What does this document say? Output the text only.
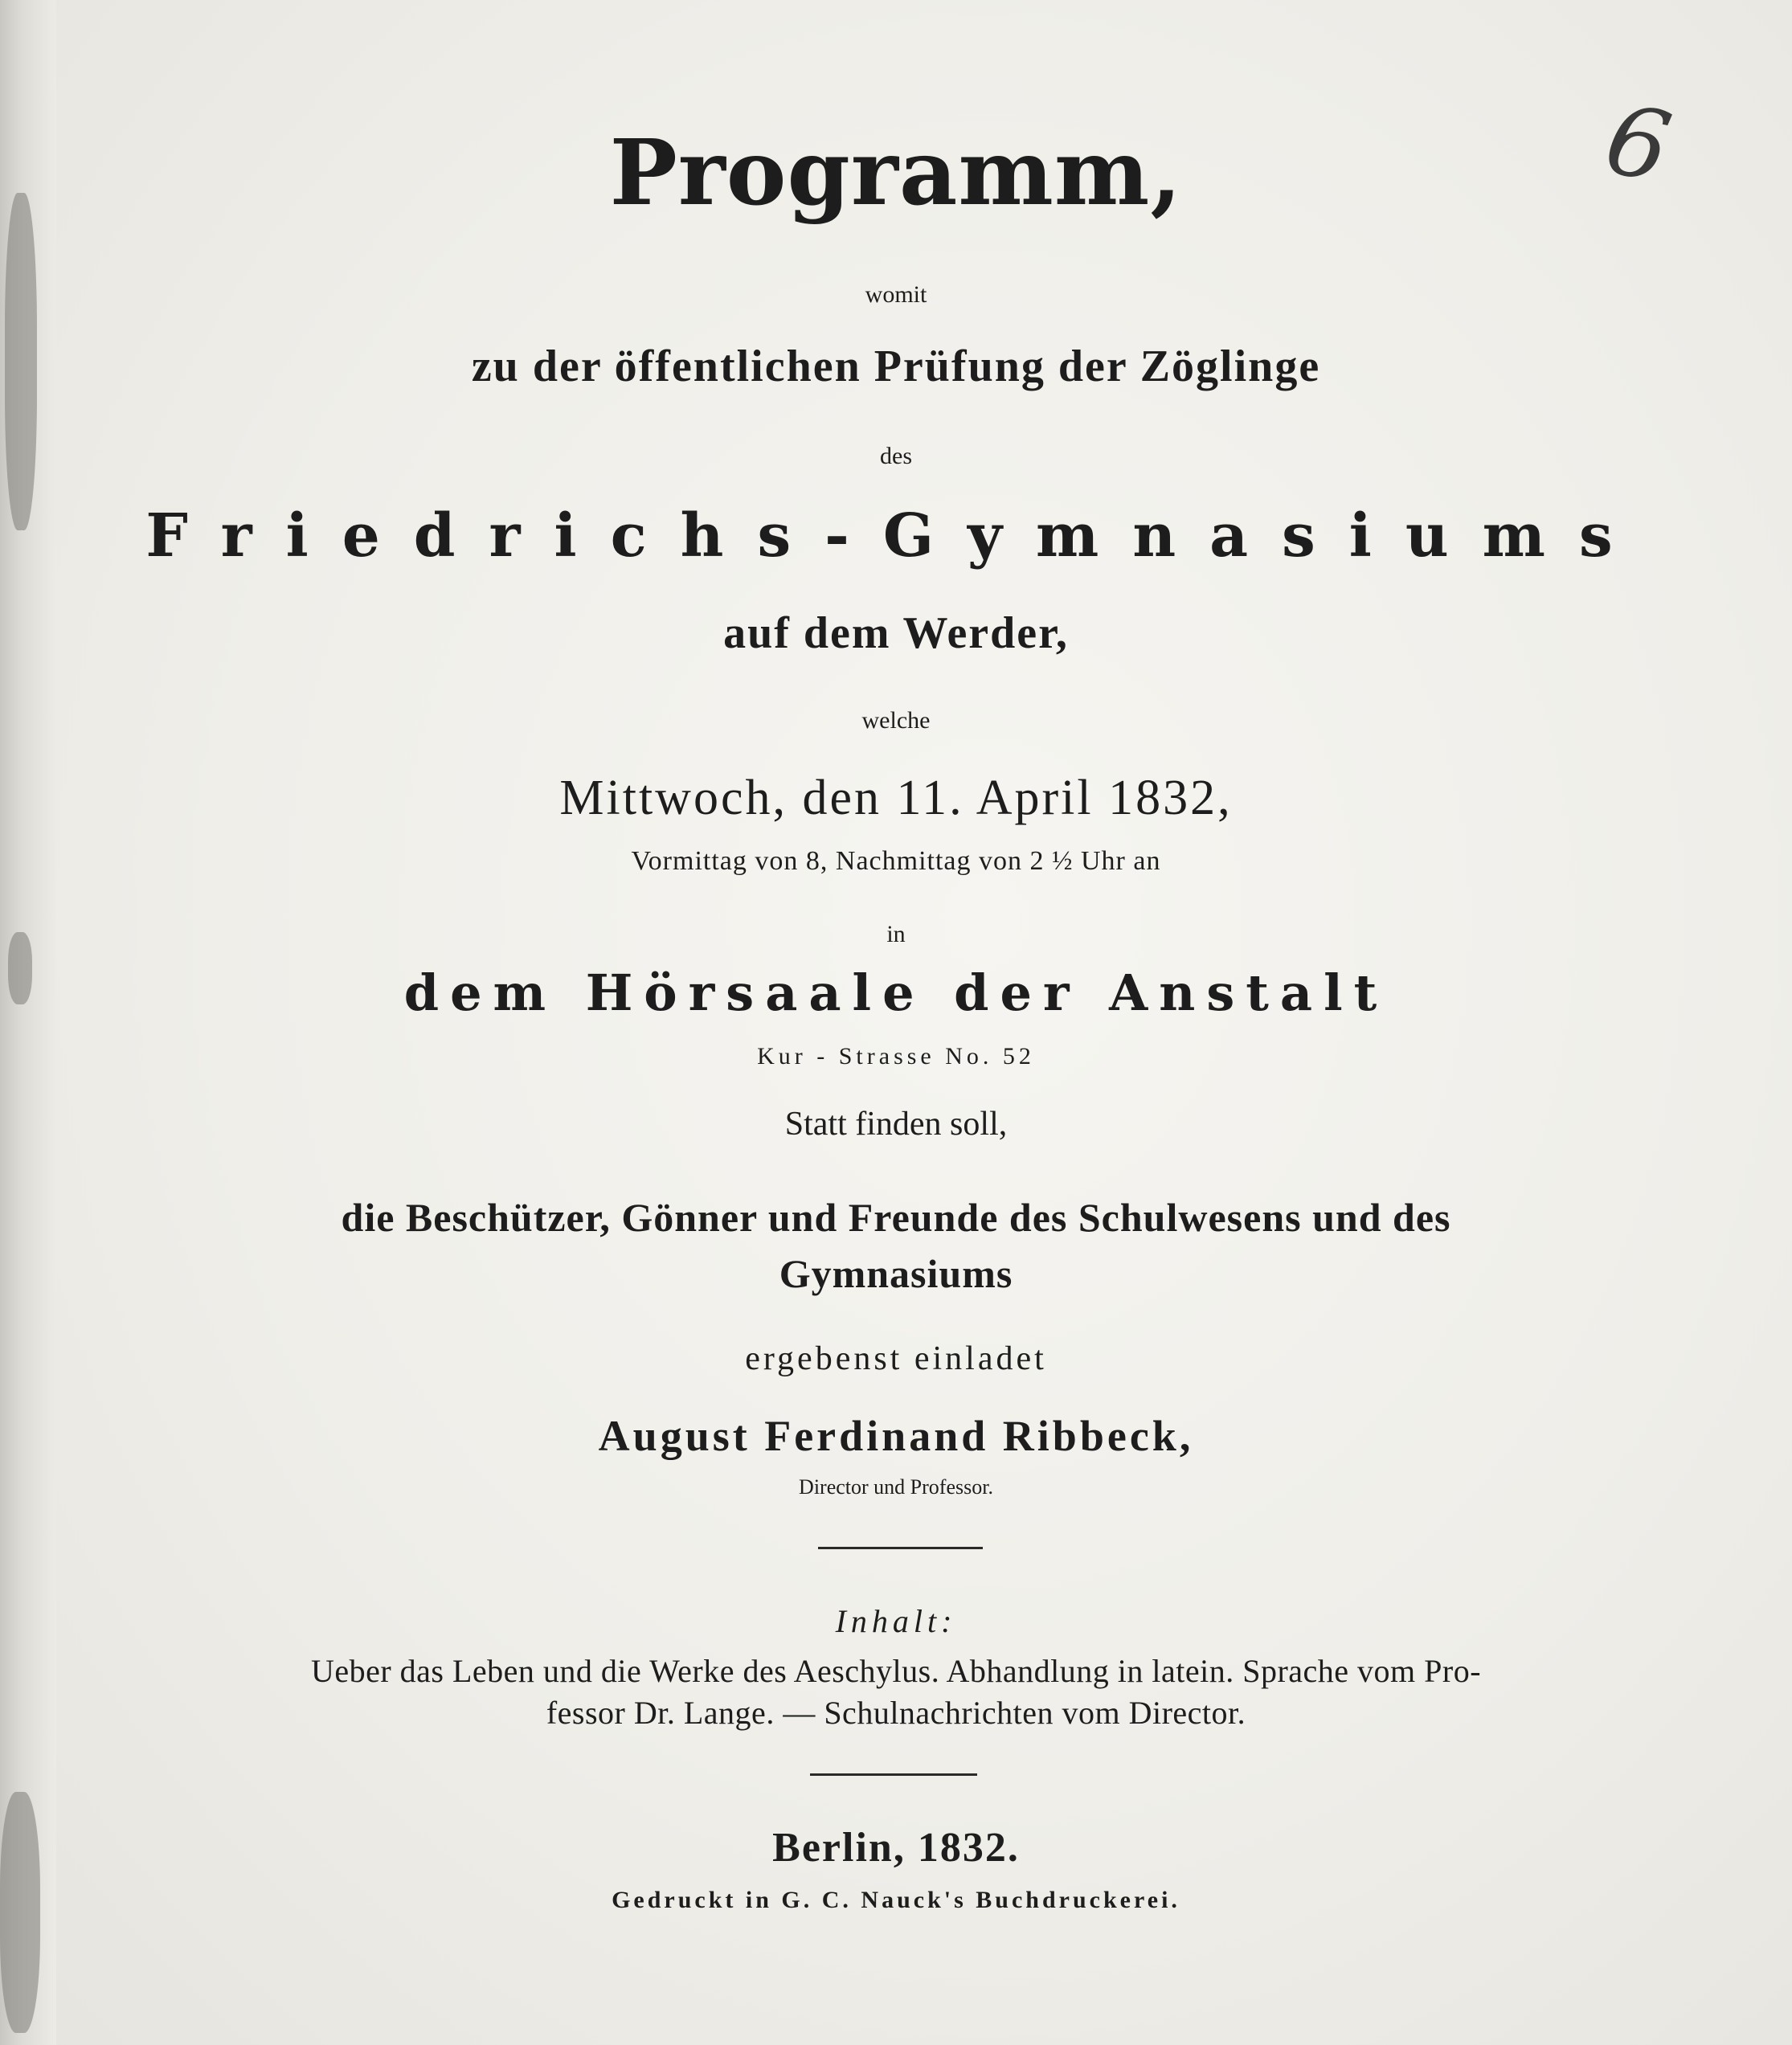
6
Programm,
womit
zu der öffentlichen Prüfung der Zöglinge
des
Friedrichs-Gymnasiums
auf dem Werder,
welche
Mittwoch, den 11. April 1832,
Vormittag von 8, Nachmittag von 2 ½ Uhr an
in
dem Hörsaale der Anstalt
Kur - Strasse No. 52
Statt finden soll,
die Beschützer, Gönner und Freunde des Schulwesens und des
Gymnasiums
ergebenst einladet
August Ferdinand Ribbeck,
Director und Professor.
Inhalt:
Ueber das Leben und die Werke des Aeschylus. Abhandlung in latein. Sprache vom Pro-
fessor Dr. Lange. — Schulnachrichten vom Director.
Berlin, 1832.
Gedruckt in G. C. Nauck's Buchdruckerei.
